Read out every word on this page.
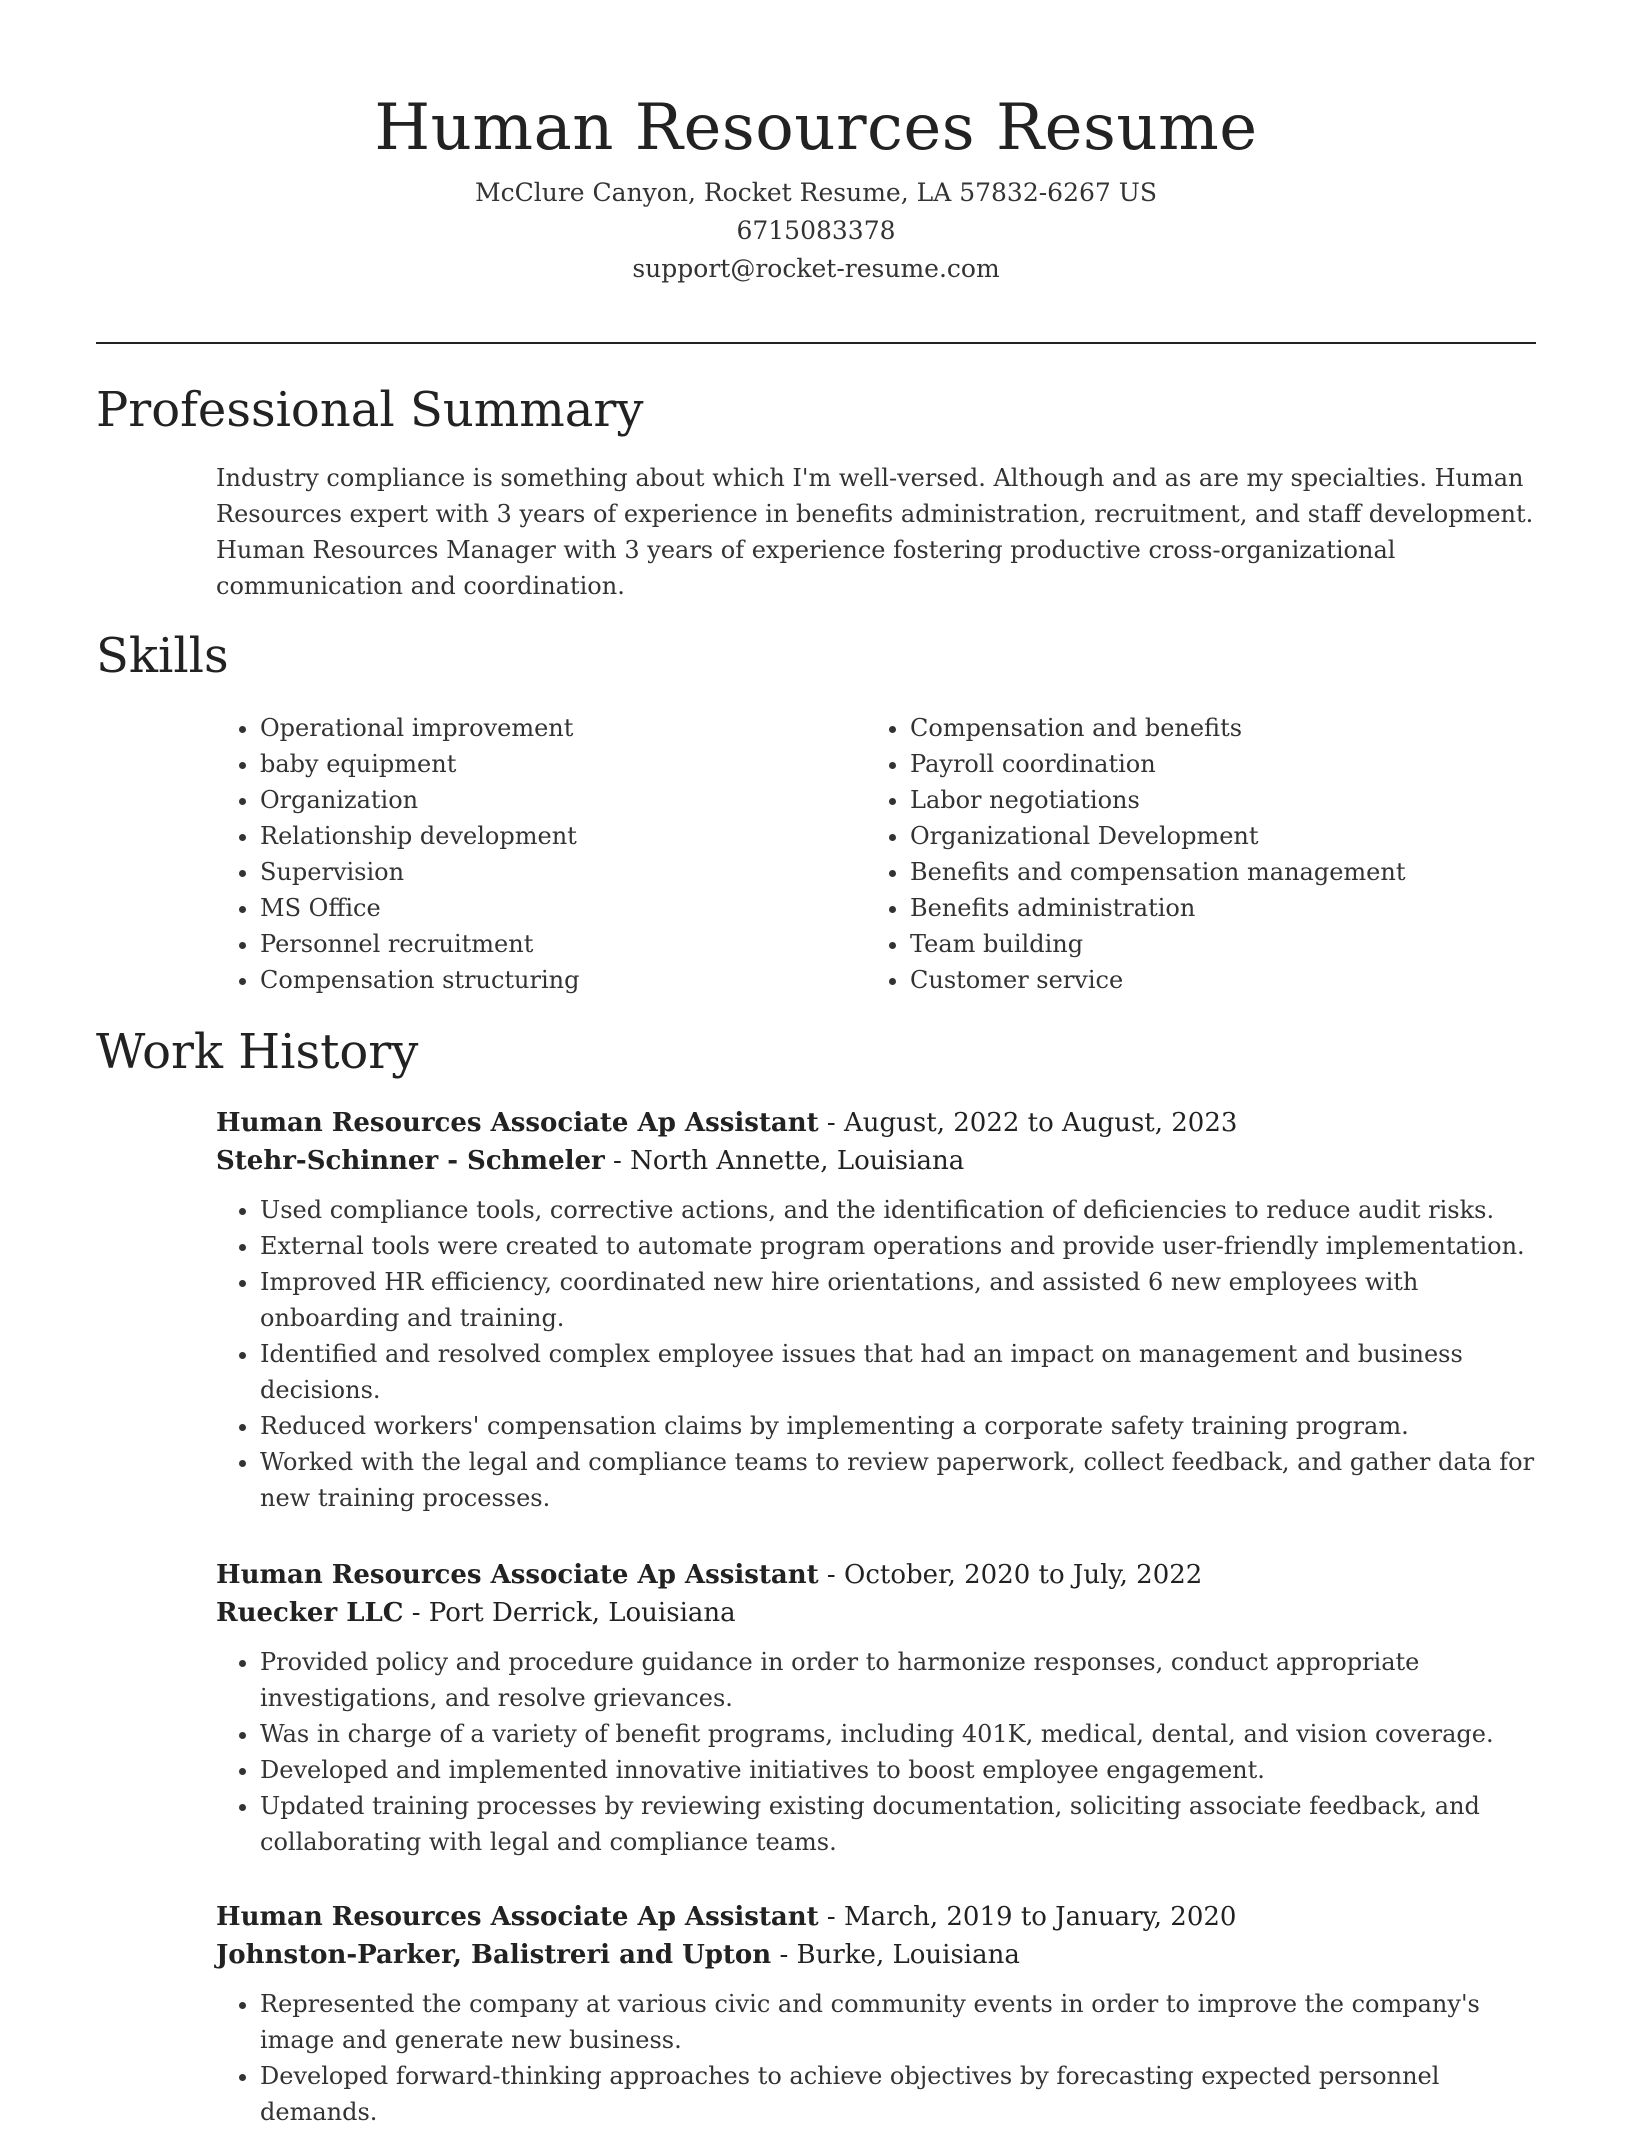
Human Resources Resume
McClure Canyon, Rocket Resume, LA 57832-6267 US
6715083378
support@rocket-resume.com
Professional Summary
Industry compliance is something about which I'm well-versed. Although and as are my specialties. Human Resources expert with 3 years of experience in benefits administration, recruitment, and staff development. Human Resources Manager with 3 years of experience fostering productive cross-organizational communication and coordination.
Skills
• Operational improvement
• baby equipment
• Organization
• Relationship development
• Supervision
• MS Office
• Personnel recruitment
• Compensation structuring
• Compensation and benefits
• Payroll coordination
• Labor negotiations
• Organizational Development
• Benefits and compensation management
• Benefits administration
• Team building
• Customer service
Work History
Human Resources Associate Ap Assistant - August, 2022 to August, 2023
Stehr-Schinner - Schmeler - North Annette, Louisiana
• Used compliance tools, corrective actions, and the identification of deficiencies to reduce audit risks.
• External tools were created to automate program operations and provide user-friendly implementation.
• Improved HR efficiency, coordinated new hire orientations, and assisted 6 new employees with onboarding and training.
• Identified and resolved complex employee issues that had an impact on management and business decisions.
• Reduced workers' compensation claims by implementing a corporate safety training program.
• Worked with the legal and compliance teams to review paperwork, collect feedback, and gather data for new training processes.
Human Resources Associate Ap Assistant - October, 2020 to July, 2022
Ruecker LLC - Port Derrick, Louisiana
• Provided policy and procedure guidance in order to harmonize responses, conduct appropriate investigations, and resolve grievances.
• Was in charge of a variety of benefit programs, including 401K, medical, dental, and vision coverage.
• Developed and implemented innovative initiatives to boost employee engagement.
• Updated training processes by reviewing existing documentation, soliciting associate feedback, and collaborating with legal and compliance teams.
Human Resources Associate Ap Assistant - March, 2019 to January, 2020
Johnston-Parker, Balistreri and Upton - Burke, Louisiana
• Represented the company at various civic and community events in order to improve the company's image and generate new business.
• Developed forward-thinking approaches to achieve objectives by forecasting expected personnel demands.
